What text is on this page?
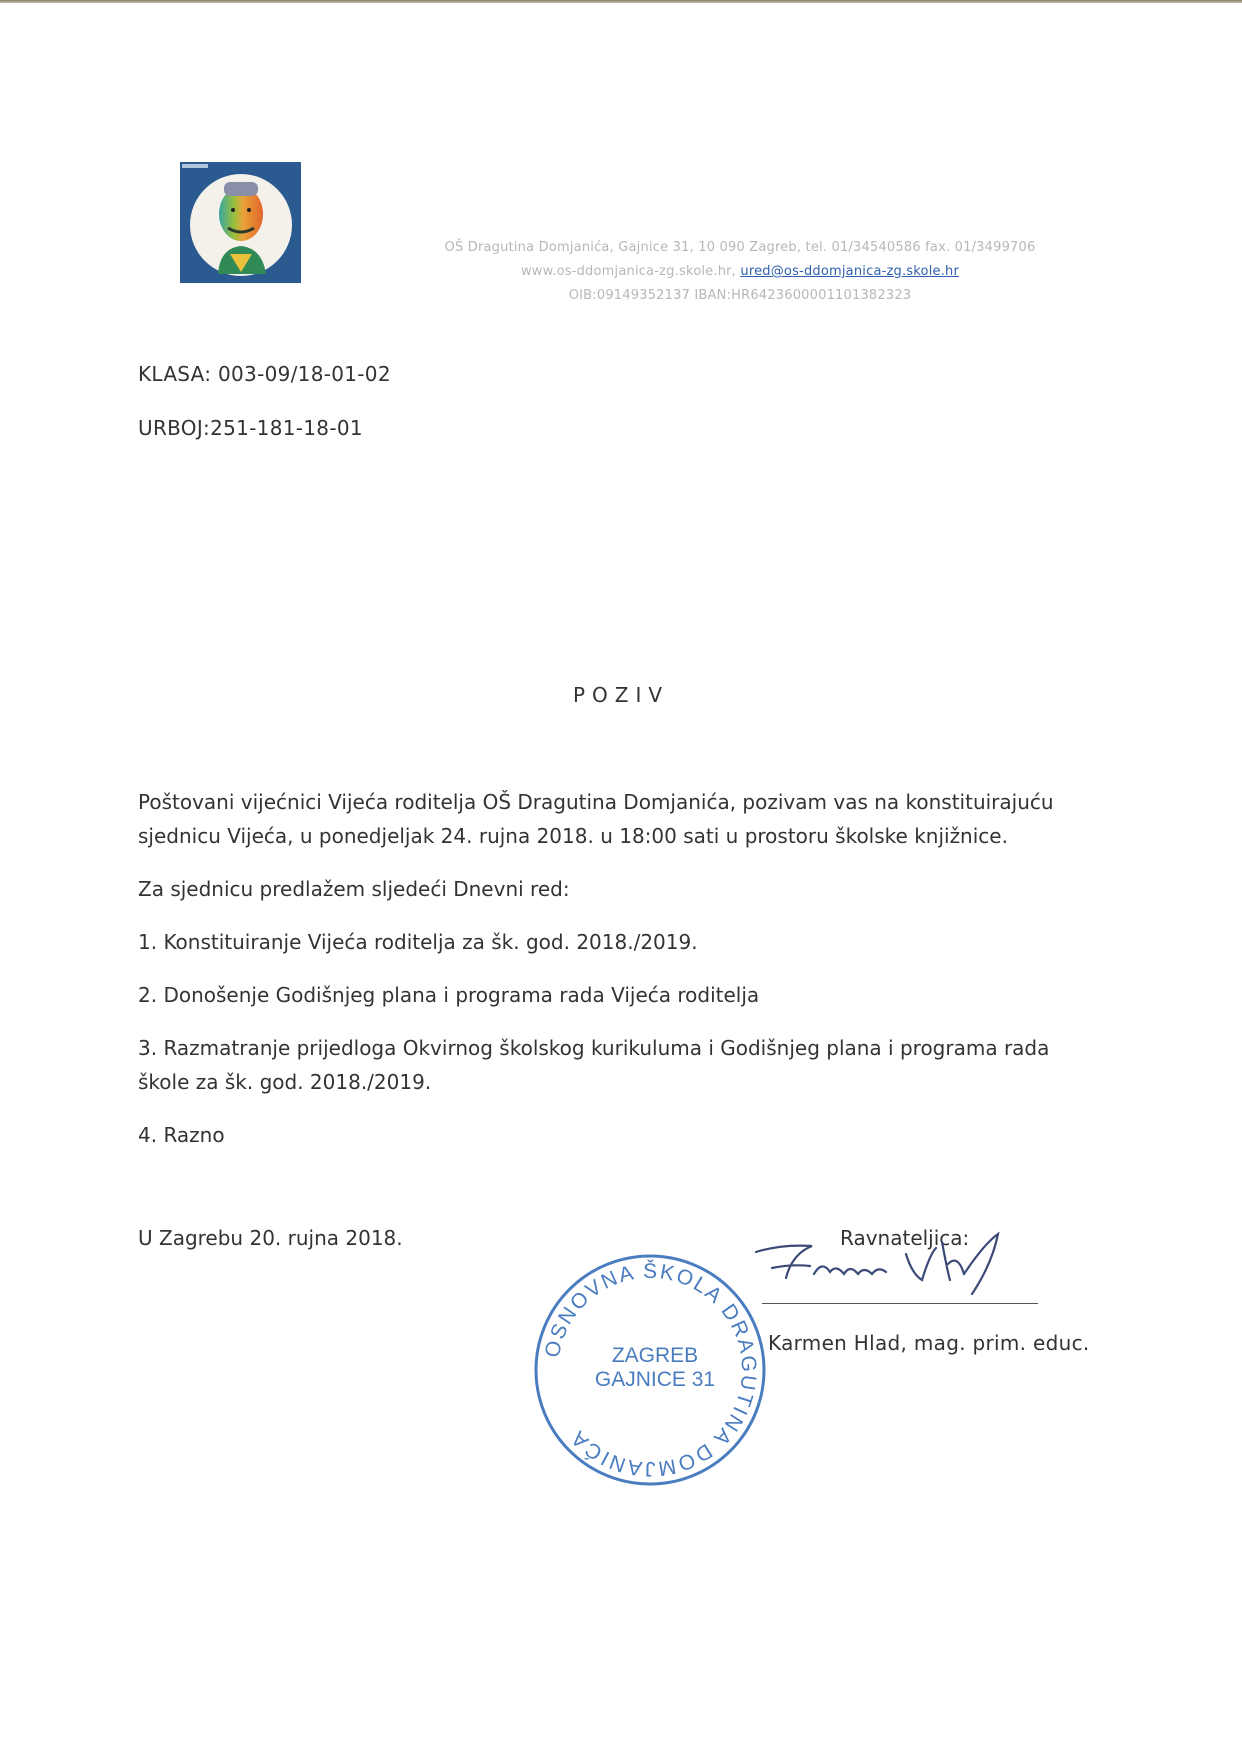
OŠ Dragutina Domjanića, Gajnice 31, 10 090 Zagreb, tel. 01/34540586 fax. 01/3499706
www.os-ddomjanica-zg.skole.hr, ured@os-ddomjanica-zg.skole.hr
OIB:09149352137 IBAN:HR6423600001101382323
KLASA: 003-09/18-01-02
URBOJ:251-181-18-01
POZIV

Poštovani vijećnici Vijeća roditelja OŠ Dragutina Domjanića, pozivam vas na konstituirajuću sjednicu Vijeća, u ponedjeljak 24. rujna 2018. u 18:00 sati u prostoru školske knjižnice.

Za sjednicu predlažem sljedeći Dnevni red:

1. Konstituiranje Vijeća roditelja za šk. god. 2018./2019.

2. Donošenje Godišnjeg plana i programa rada Vijeća roditelja

3. Razmatranje prijedloga Okvirnog školskog kurikuluma i Godišnjeg plana i programa rada škole za šk. god. 2018./2019.

4. Razno

U Zagrebu 20. rujna 2018.
OSNOVNA ŠKOLA DRAGUTINA DOMJANIĆA
ZAGREB
GAJNICE 31
Ravnateljica:
Karmen Hlad, mag. prim. educ.
